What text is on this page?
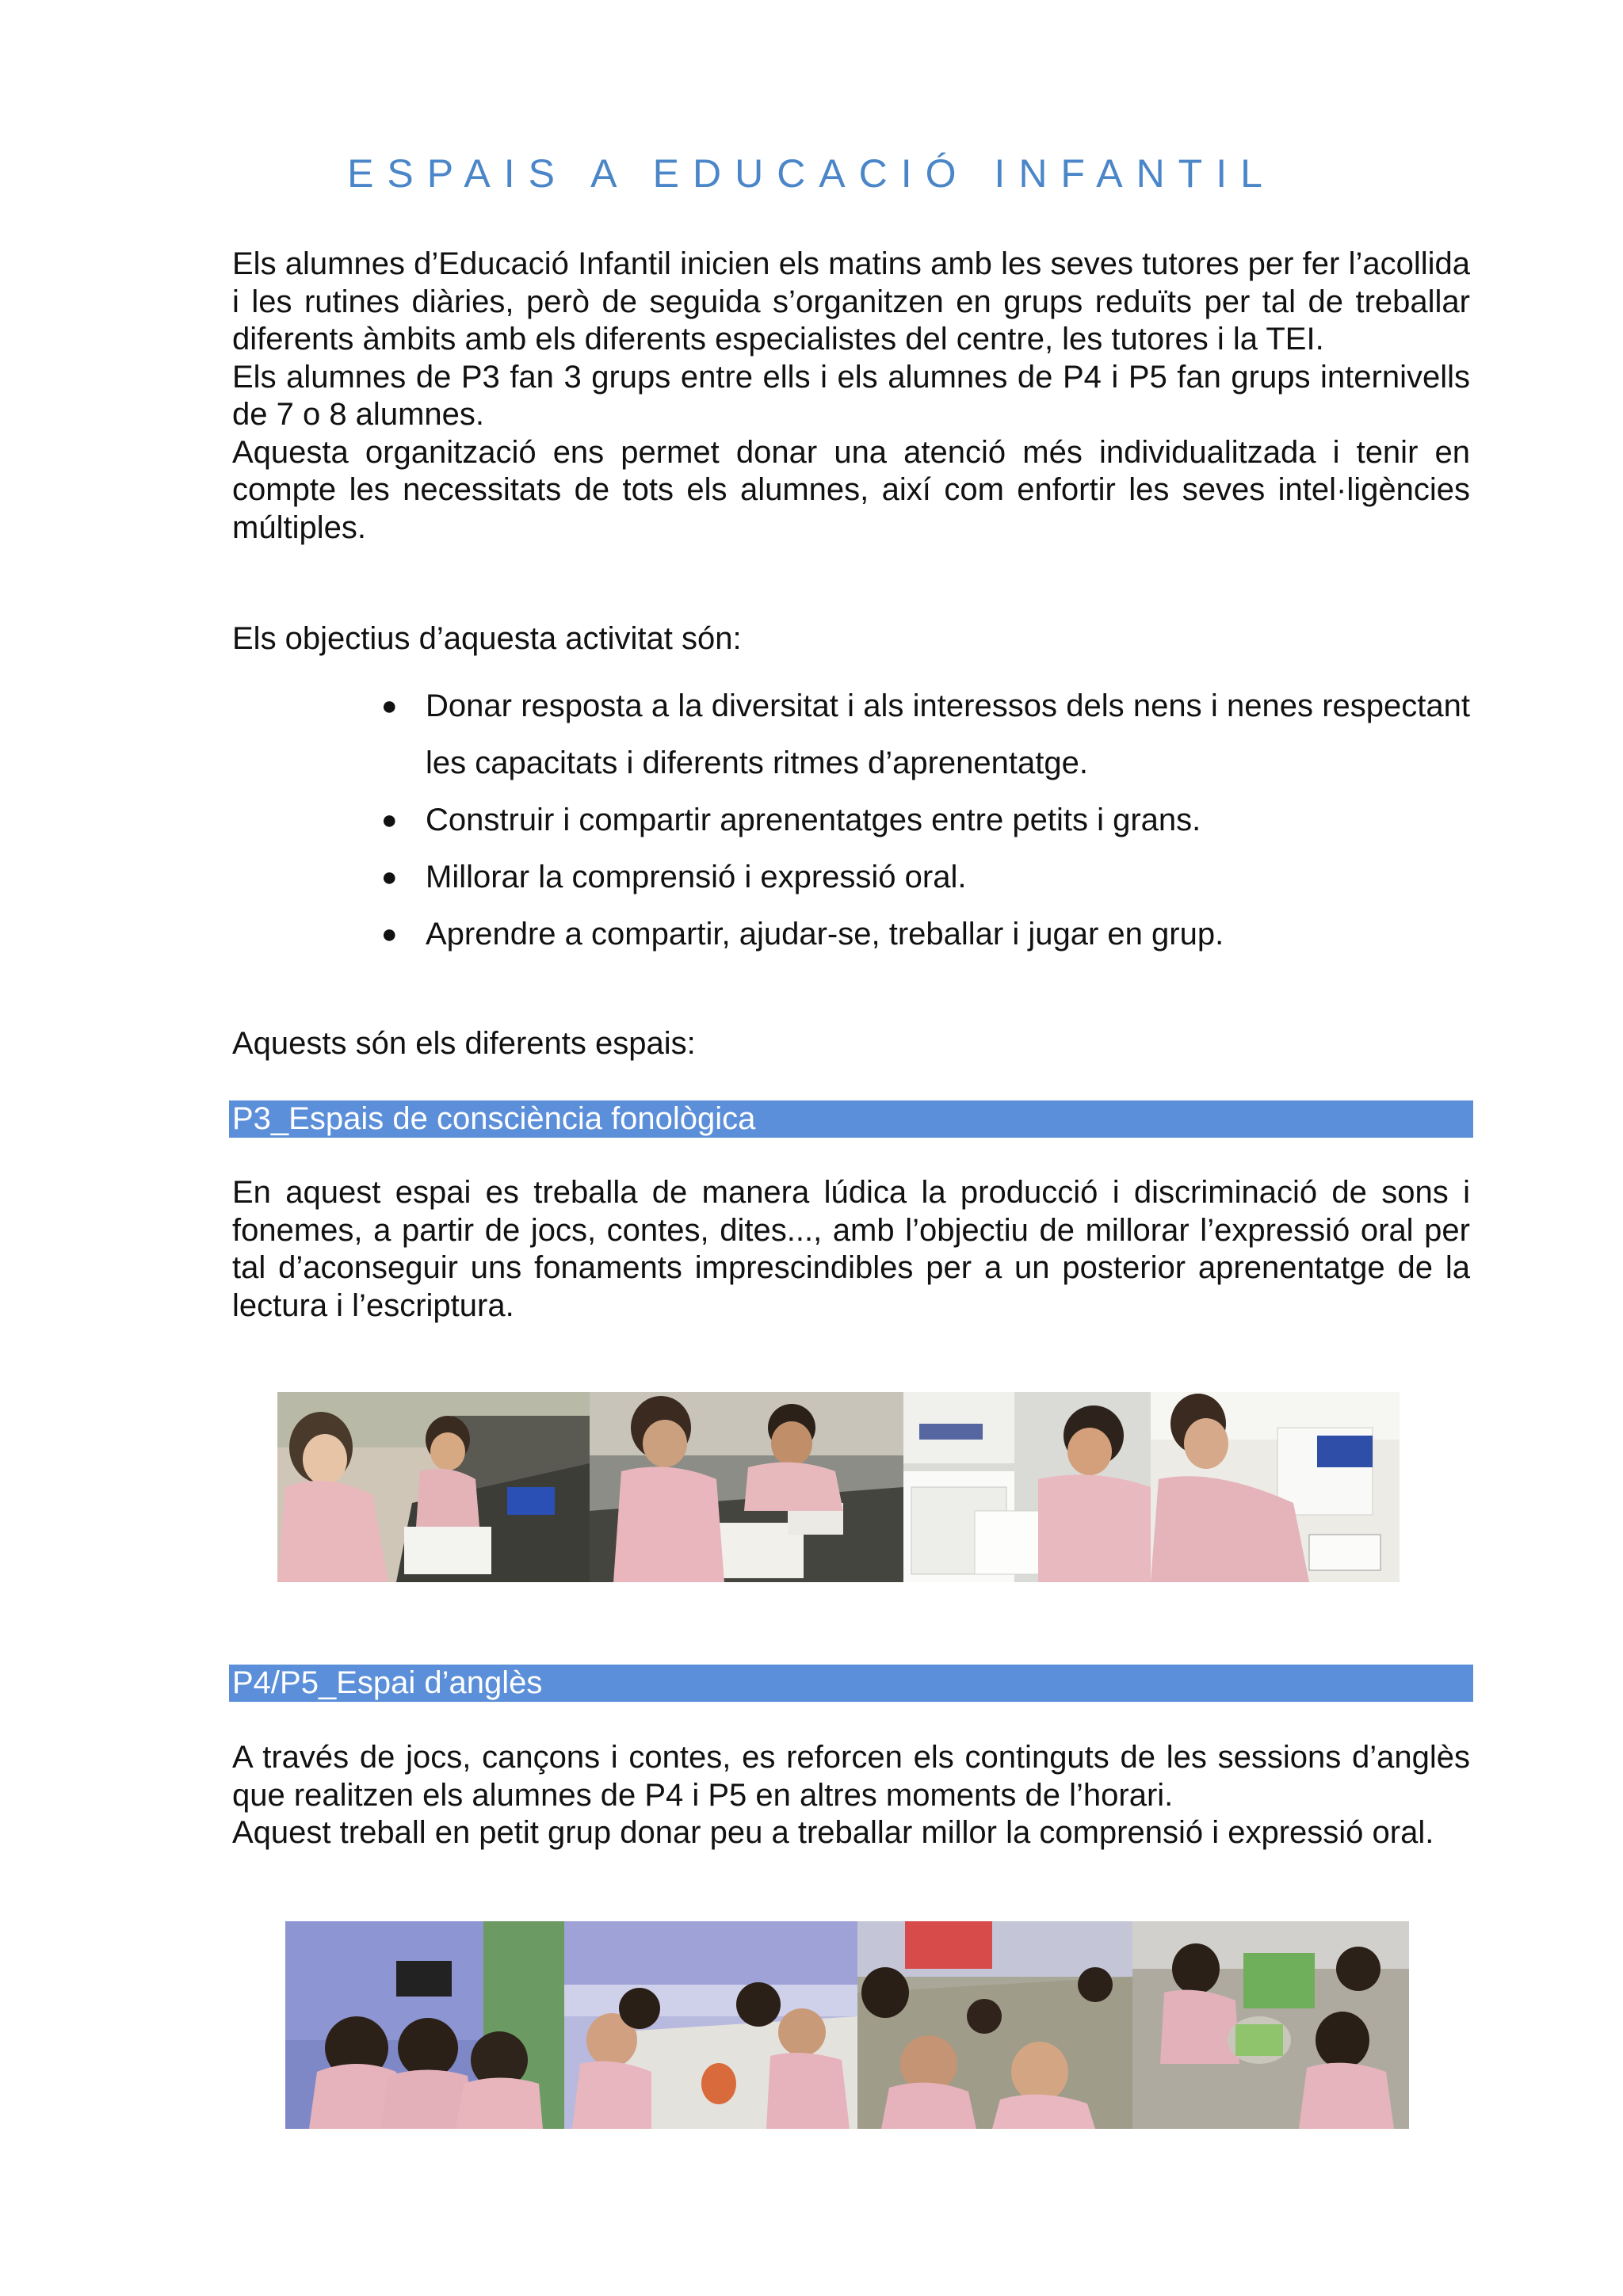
ESPAIS A EDUCACIÓ INFANTIL

Els alumnes d’Educació Infantil inicien els matins amb les seves tutores per fer l’acollida i les rutines diàries, però de seguida s’organitzen en grups reduïts per tal de treballar diferents àmbits amb els diferents especialistes del centre, les tutores i la TEI.

Els alumnes de P3 fan 3 grups entre ells i els alumnes de P4 i P5 fan grups internivells de 7 o 8 alumnes.

Aquesta organització ens permet donar una atenció més individualitzada i tenir en compte les necessitats de tots els alumnes, així com enfortir les seves intel·ligències múltiples.

Els objectius d’aquesta activitat són:

● Donar resposta a la diversitat i als interessos dels nens i nenes respectant les capacitats i diferents ritmes d’aprenentatge.
● Construir i compartir aprenentatges entre petits i grans.
● Millorar la comprensió i expressió oral.
● Aprendre a compartir, ajudar-se, treballar i jugar en grup.

Aquests són els diferents espais:

P3_Espais de consciència fonològica

En aquest espai es treballa de manera lúdica la producció i discriminació de sons i fonemes, a partir de jocs, contes, dites..., amb l’objectiu de millorar l’expressió oral per tal d’aconseguir uns fonaments imprescindibles per a un posterior aprenentatge de la lectura i l’escriptura.

P4/P5_Espai d’anglès

A través de jocs, cançons i contes, es reforcen els continguts de les sessions d’anglès que realitzen els alumnes de P4 i P5 en altres moments de l’horari.

Aquest treball en petit grup donar peu a treballar millor la comprensió i expressió oral.
